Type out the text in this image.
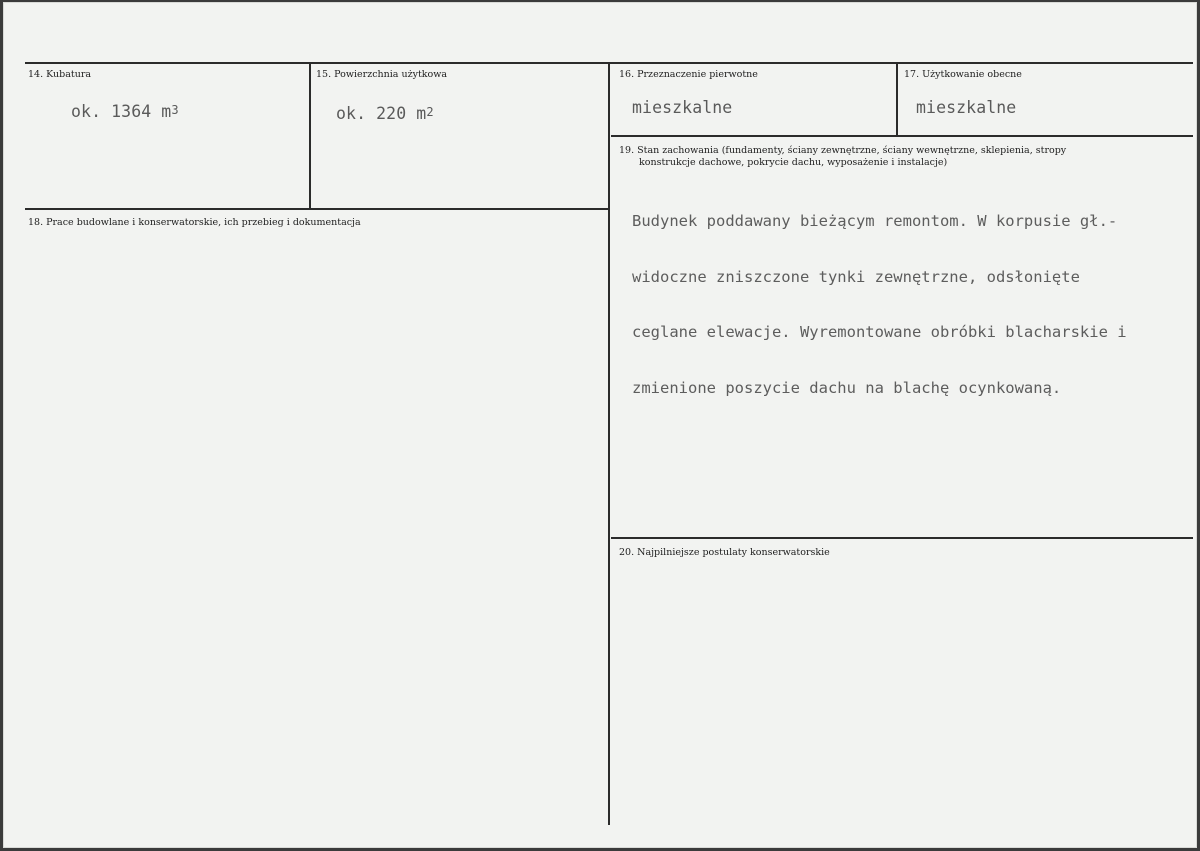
14. Kubatura
ok. 1364 $m^3$
15. Powierzchnia użytkowa
ok. 220 $m^2$
16. Przeznaczenie pierwotne
mieszkalne
17. Użytkowanie obecne
mieszkalne
18. Prace budowlane i konserwatorskie, ich przebieg i dokumentacja
19. Stan zachowania (fundamenty, ściany zewnętrzne, ściany wewnętrzne, sklepienia, stropy
konstrukcje dachowe, pokrycie dachu, wyposażenie i instalacje)

Budynek poddawany bieżącym remontom. W korpusie gł.-

widoczne zniszczone tynki zewnętrzne, odsłonięte

ceglane elewacje. Wyremontowane obróbki blacharskie i

zmienione poszycie dachu na blachę ocynkowaną.

20. Najpilniejsze postulaty konserwatorskie
